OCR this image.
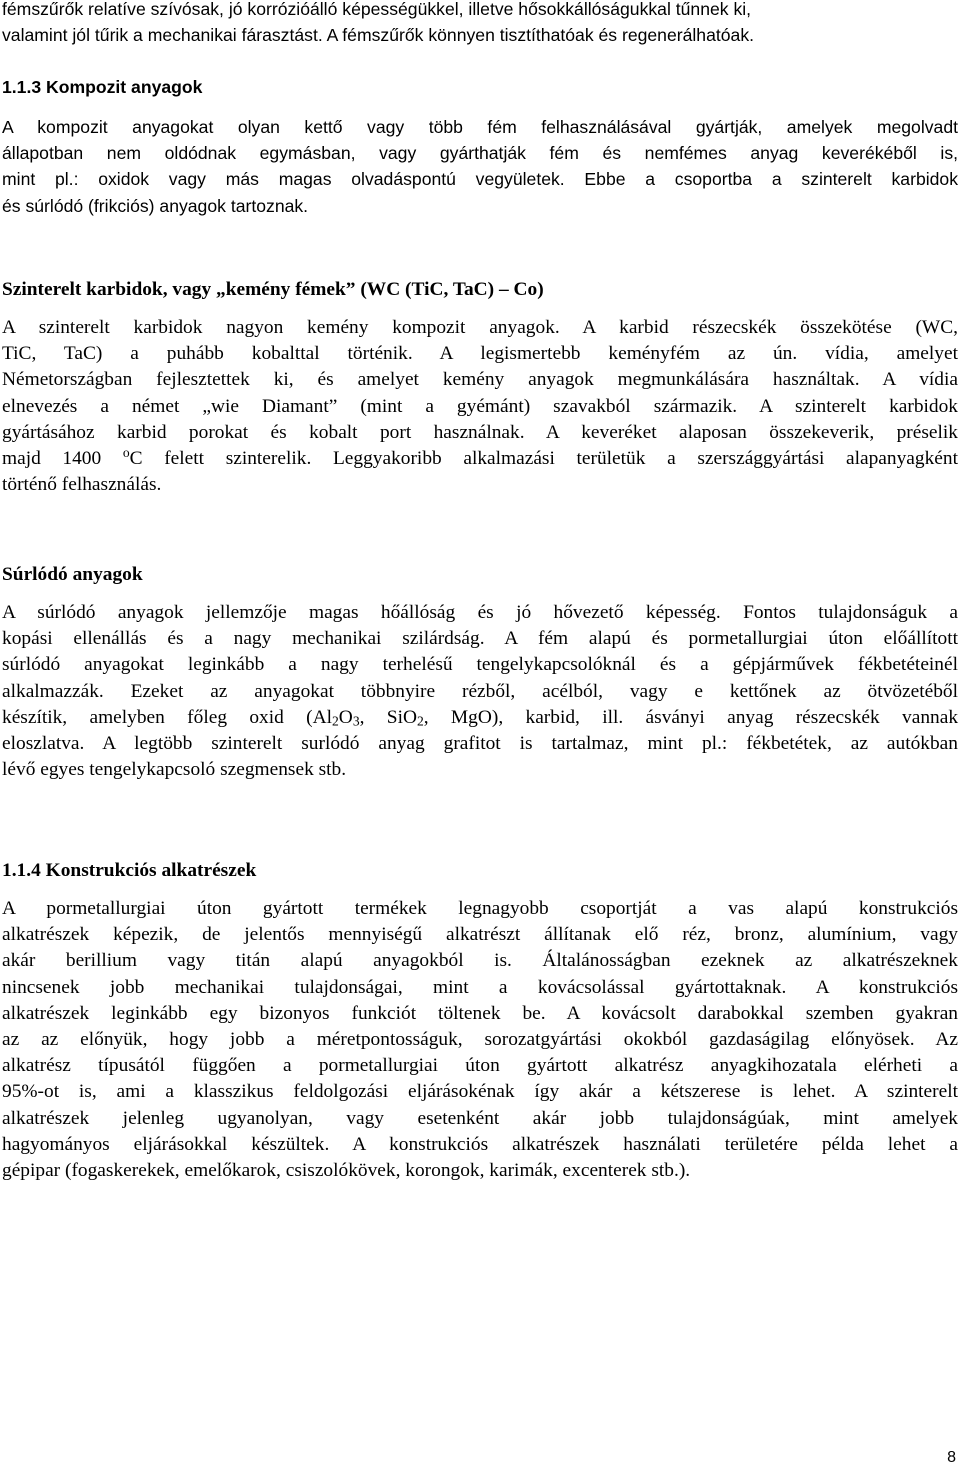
fémszűrők relatíve szívósak, jó korrózióálló képességükkel, illetve hősokkállóságukkal tűnnek ki,
valamint jól tűrik a mechanikai fárasztást. A fémszűrők könnyen tisztíthatóak és regenerálhatóak.
1.1.3 Kompozit anyagok
A kompozit anyagokat olyan kettő vagy több fém felhasználásával gyártják, amelyek megolvadt
állapotban nem oldódnak egymásban, vagy gyárthatják fém és nemfémes anyag keverékéből is,
mint pl.: oxidok vagy más magas olvadáspontú vegyületek. Ebbe a csoportba a szinterelt karbidok
és súrlódó (frikciós) anyagok tartoznak.
Szinterelt karbidok, vagy „kemény fémek” (WC (TiC, TaC) – Co)
A szinterelt karbidok nagyon kemény kompozit anyagok. A karbid részecskék összekötése (WC,
TiC, TaC) a puhább kobalttal történik. A legismertebb keményfém az ún. vídia, amelyet
Németországban fejlesztettek ki, és amelyet kemény anyagok megmunkálására használtak. A vídia
elnevezés a német „wie Diamant” (mint a gyémánt) szavakból származik. A szinterelt karbidok
gyártásához karbid porokat és kobalt port használnak. A keveréket alaposan összekeverik, préselik
majd 1400 $^o$C felett szinterelik. Leggyakoribb alkalmazási területük a szerszággyártási alapanyagként
történő felhasználás.
Súrlódó anyagok
A súrlódó anyagok jellemzője magas hőállóság és jó hővezető képesség. Fontos tulajdonságuk a
kopási ellenállás és a nagy mechanikai szilárdság. A fém alapú és pormetallurgiai úton előállított
súrlódó anyagokat leginkább a nagy terhelésű tengelykapcsolóknál és a gépjárművek fékbetéteinél
alkalmazzák. Ezeket az anyagokat többnyire rézből, acélból, vagy e kettőnek az ötvözetéből
készítik, amelyben főleg oxid ($Al_2O_3$, SiO$_2$, MgO), karbid, ill. ásványi anyag részecskék vannak
eloszlatva. A legtöbb szinterelt surlódó anyag grafitot is tartalmaz, mint pl.: fékbetétek, az autókban
lévő egyes tengelykapcsoló szegmensek stb.
1.1.4 Konstrukciós alkatrészek
A pormetallurgiai úton gyártott termékek legnagyobb csoportját a vas alapú konstrukciós
alkatrészek képezik, de jelentős mennyiségű alkatrészt állítanak elő réz, bronz, alumínium, vagy
akár berillium vagy titán alapú anyagokból is. Általánosságban ezeknek az alkatrészeknek
nincsenek jobb mechanikai tulajdonságai, mint a kovácsolással gyártottaknak. A konstrukciós
alkatrészek leginkább egy bizonyos funkciót töltenek be. A kovácsolt darabokkal szemben gyakran
az az előnyük, hogy jobb a méretpontosságuk, sorozatgyártási okokból gazdaságilag előnyösek. Az
alkatrész típusától függően a pormetallurgiai úton gyártott alkatrész anyagkihozatala elérheti a
95%-ot is, ami a klasszikus feldolgozási eljárásokénak így akár a kétszerese is lehet. A szinterelt
alkatrészek jelenleg ugyanolyan, vagy esetenként akár jobb tulajdonságúak, mint amelyek
hagyományos eljárásokkal készültek. A konstrukciós alkatrészek használati területére példa lehet a
gépipar (fogaskerekek, emelőkarok, csiszolókövek, korongok, karimák, excenterek stb.).
8
